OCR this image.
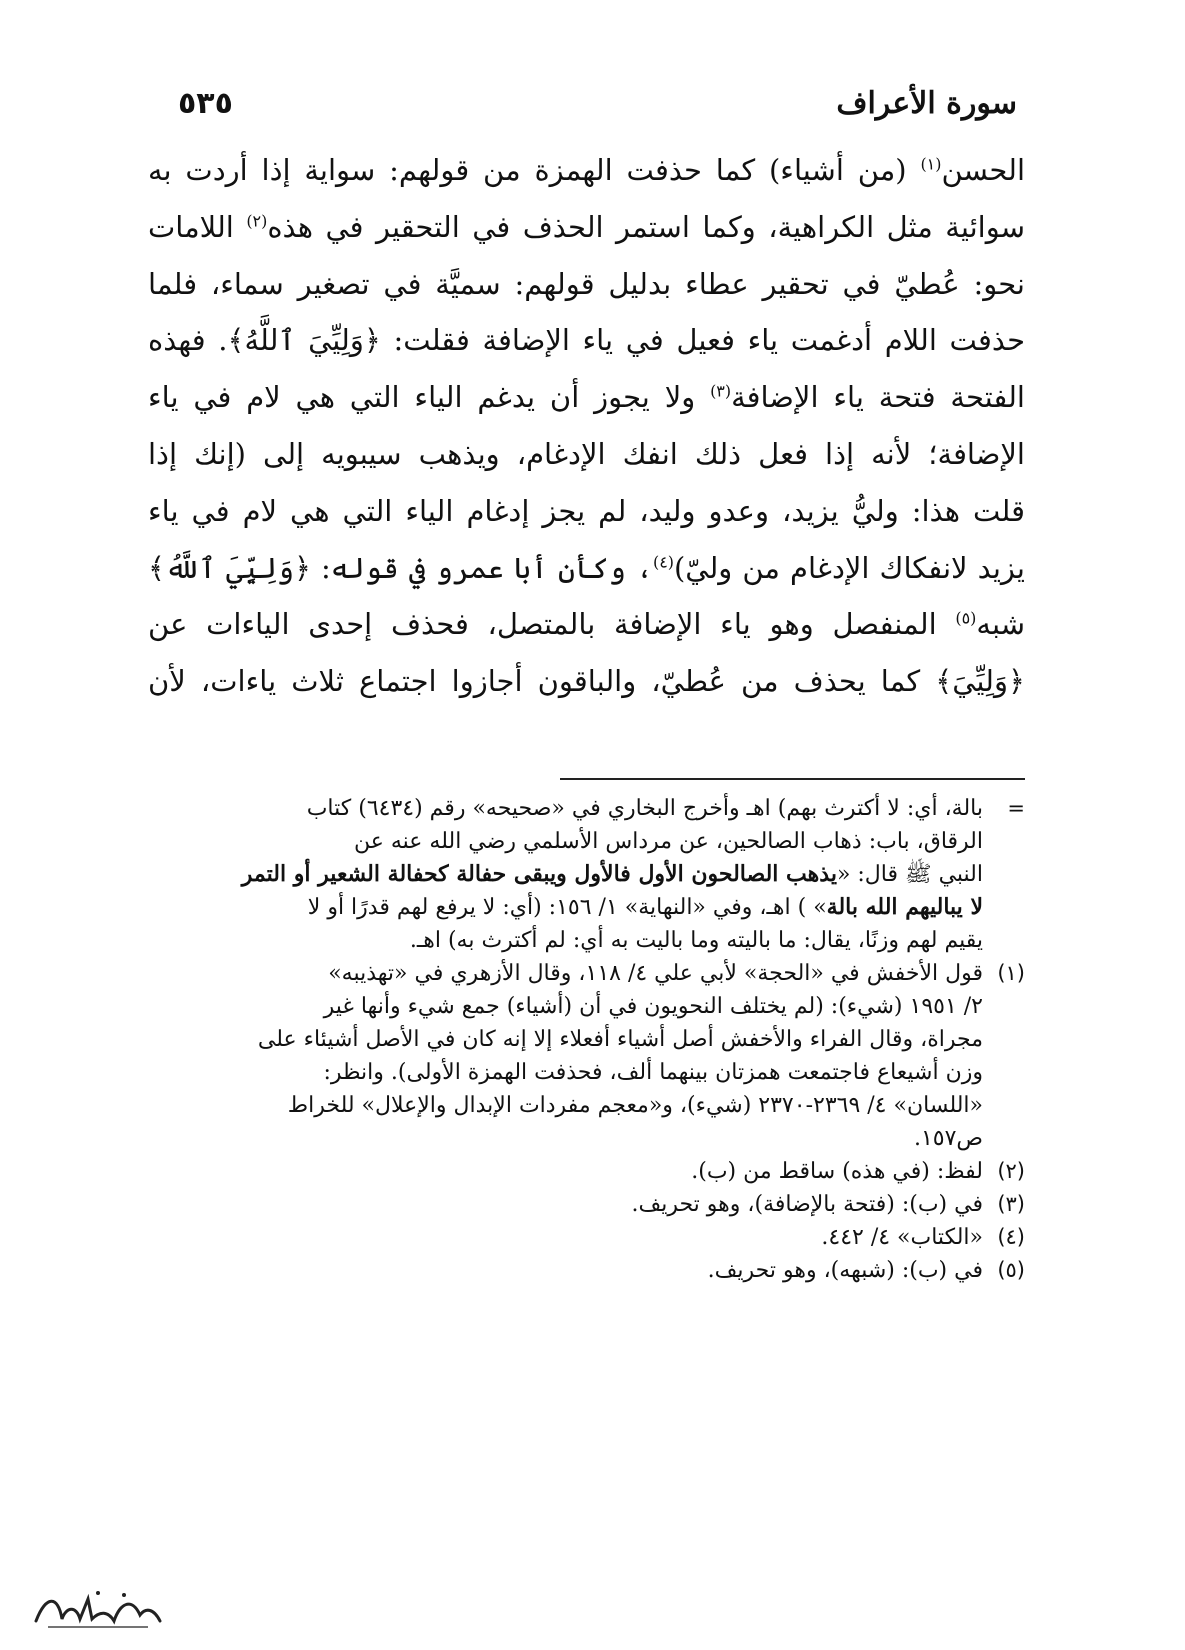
سورة الأعراف
٥٣٥
الحسن$^{(١)}$ (من أشياء) كما حذفت الهمزة من قولهم: سواية إذا أردت به
سوائية مثل الكراهية، وكما استمر الحذف في التحقير في هذه$^{(٢)}$ اللامات
نحو: عُطيّ في تحقير عطاء بدليل قولهم: سميَّة في تصغير سماء، فلما
حذفت اللام أدغمت ياء فعيل في ياء الإضافة فقلت: ﴿وَلِيِّيَ ٱللَّهُ﴾. فهذه
الفتحة فتحة ياء الإضافة$^{(٣)}$ ولا يجوز أن يدغم الياء التي هي لام في ياء
الإضافة؛ لأنه إذا فعل ذلك انفك الإدغام، ويذهب سيبويه إلى (إنك إذا
قلت هذا: وليُّ يزيد، وعدو وليد، لم يجز إدغام الياء التي هي لام في ياء
يزيد لانفكاك الإدغام من وليّ)$^{(٤)}$، وكأن أبا عمرو في قوله: ﴿وَلِيِّيَ ٱللَّهُ﴾
شبه$^{(٥)}$ المنفصل وهو ياء الإضافة بالمتصل، فحذف إحدى الياءات عن
﴿وَلِيِّيَ﴾ كما يحذف من عُطيّ، والباقون أجازوا اجتماع ثلاث ياءات، لأن
=
بالة، أي: لا أكترث بهم) اهـ وأخرج البخاري في «صحيحه» رقم (٦٤٣٤) كتاب
الرقاق، باب: ذهاب الصالحين، عن مرداس الأسلمي رضي الله عنه عن
النبي ﷺ قال: «يذهب الصالحون الأول فالأول ويبقى حفالة كحفالة الشعير أو التمر
لا يباليهم الله بالة» ) اهـ، وفي «النهاية» ١/ ١٥٦: (أي: لا يرفع لهم قدرًا أو لا
يقيم لهم وزنًا، يقال: ما باليته وما باليت به أي: لم أكترث به) اهـ.
(١)
قول الأخفش في «الحجة» لأبي علي ٤/ ١١٨، وقال الأزهري في «تهذيبه»
٢/ ١٩٥١ (شيء): (لم يختلف النحويون في أن (أشياء) جمع شيء وأنها غير
مجراة، وقال الفراء والأخفش أصل أشياء أفعلاء إلا إنه كان في الأصل أشيئاء على
وزن أشيعاع فاجتمعت همزتان بينهما ألف، فحذفت الهمزة الأولى). وانظر:
«اللسان» ٤/ ٢٣٦٩-٢٣٧٠ (شيء)، و«معجم مفردات الإبدال والإعلال» للخراط
ص١٥٧.
(٢)
لفظ: (في هذه) ساقط من (ب).
(٣)
في (ب): (فتحة بالإضافة)، وهو تحريف.
(٤)
«الكتاب» ٤/ ٤٤٢.
(٥)
في (ب): (شبهه)، وهو تحريف.
